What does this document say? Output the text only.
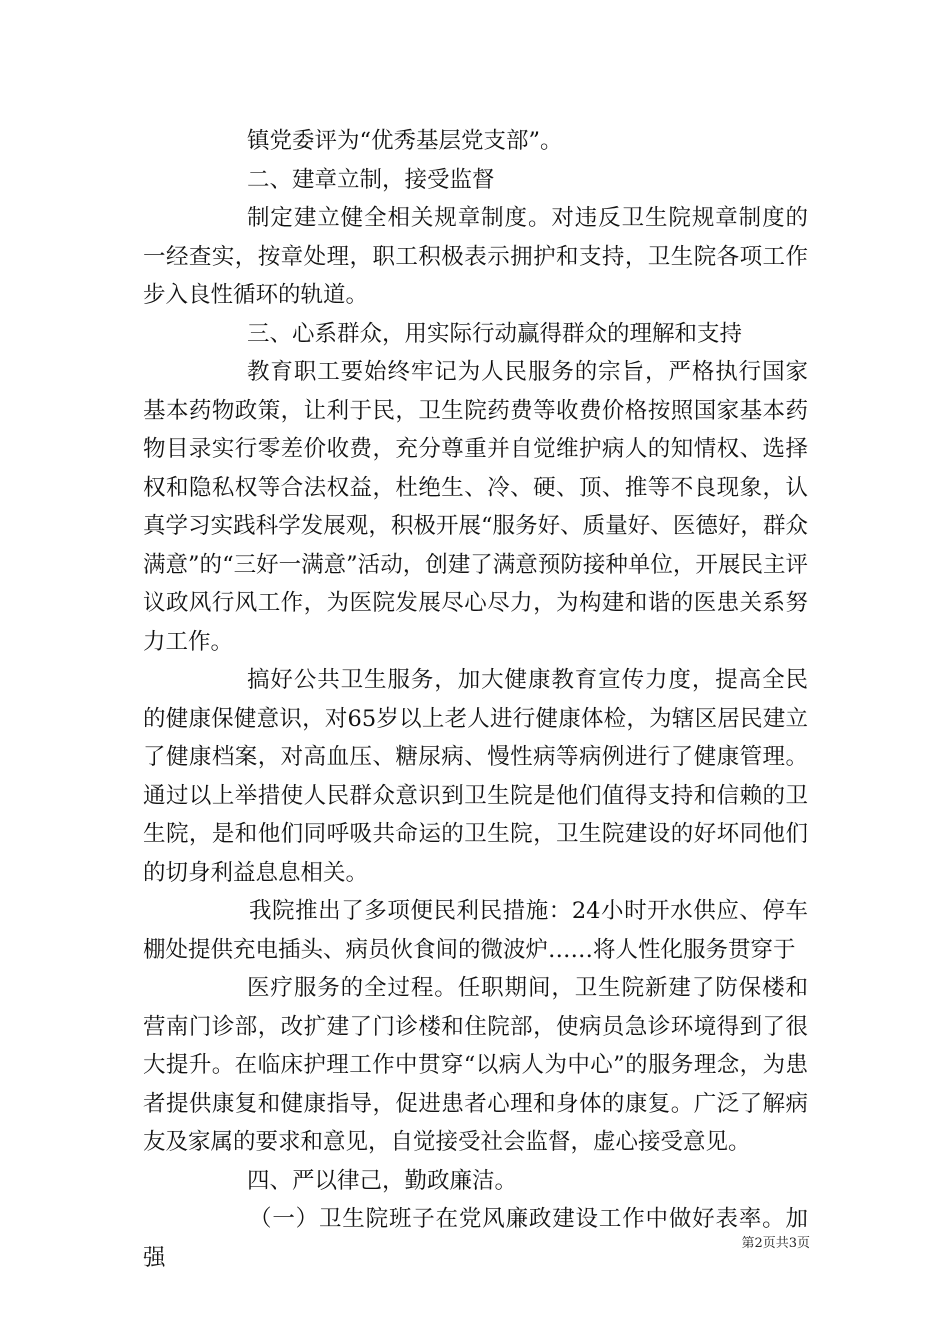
镇党委评为“优秀基层党支部”。

二、建章立制，接受监督

制定建立健全相关规章制度。对违反卫生院规章制度的一经查实，按章处理，职工积极表示拥护和支持，卫生院各项工作步入良性循环的轨道。

三、心系群众，用实际行动赢得群众的理解和支持

教育职工要始终牢记为人民服务的宗旨，严格执行国家基本药物政策，让利于民，卫生院药费等收费价格按照国家基本药物目录实行零差价收费，充分尊重并自觉维护病人的知情权、选择权和隐私权等合法权益，杜绝生、冷、硬、顶、推等不良现象，认真学习实践科学发展观，积极开展“服务好、质量好、医德好，群众满意”的“三好一满意”活动，创建了满意预防接种单位，开展民主评议政风行风工作，为医院发展尽心尽力，为构建和谐的医患关系努力工作。

搞好公共卫生服务，加大健康教育宣传力度，提高全民的健康保健意识，对65岁以上老人进行健康体检，为辖区居民建立了健康档案，对高血压、糖尿病、慢性病等病例进行了健康管理。通过以上举措使人民群众意识到卫生院是他们值得支持和信赖的卫生院，是和他们同呼吸共命运的卫生院，卫生院建设的好坏同他们的切身利益息息相关。

我院推出了多项便民利民措施：24小时开水供应、停车棚处提供充电插头、病员伙食间的微波炉……将人性化服务贯穿于

医疗服务的全过程。任职期间，卫生院新建了防保楼和营南门诊部，改扩建了门诊楼和住院部，使病员急诊环境得到了很大提升。在临床护理工作中贯穿“以病人为中心”的服务理念，为患者提供康复和健康指导，促进患者心理和身体的康复。广泛了解病友及家属的要求和意见，自觉接受社会监督，虚心接受意见。

四、严以律己，勤政廉洁。

（一）卫生院班子在党风廉政建设工作中做好表率。加强

第2页共3页
